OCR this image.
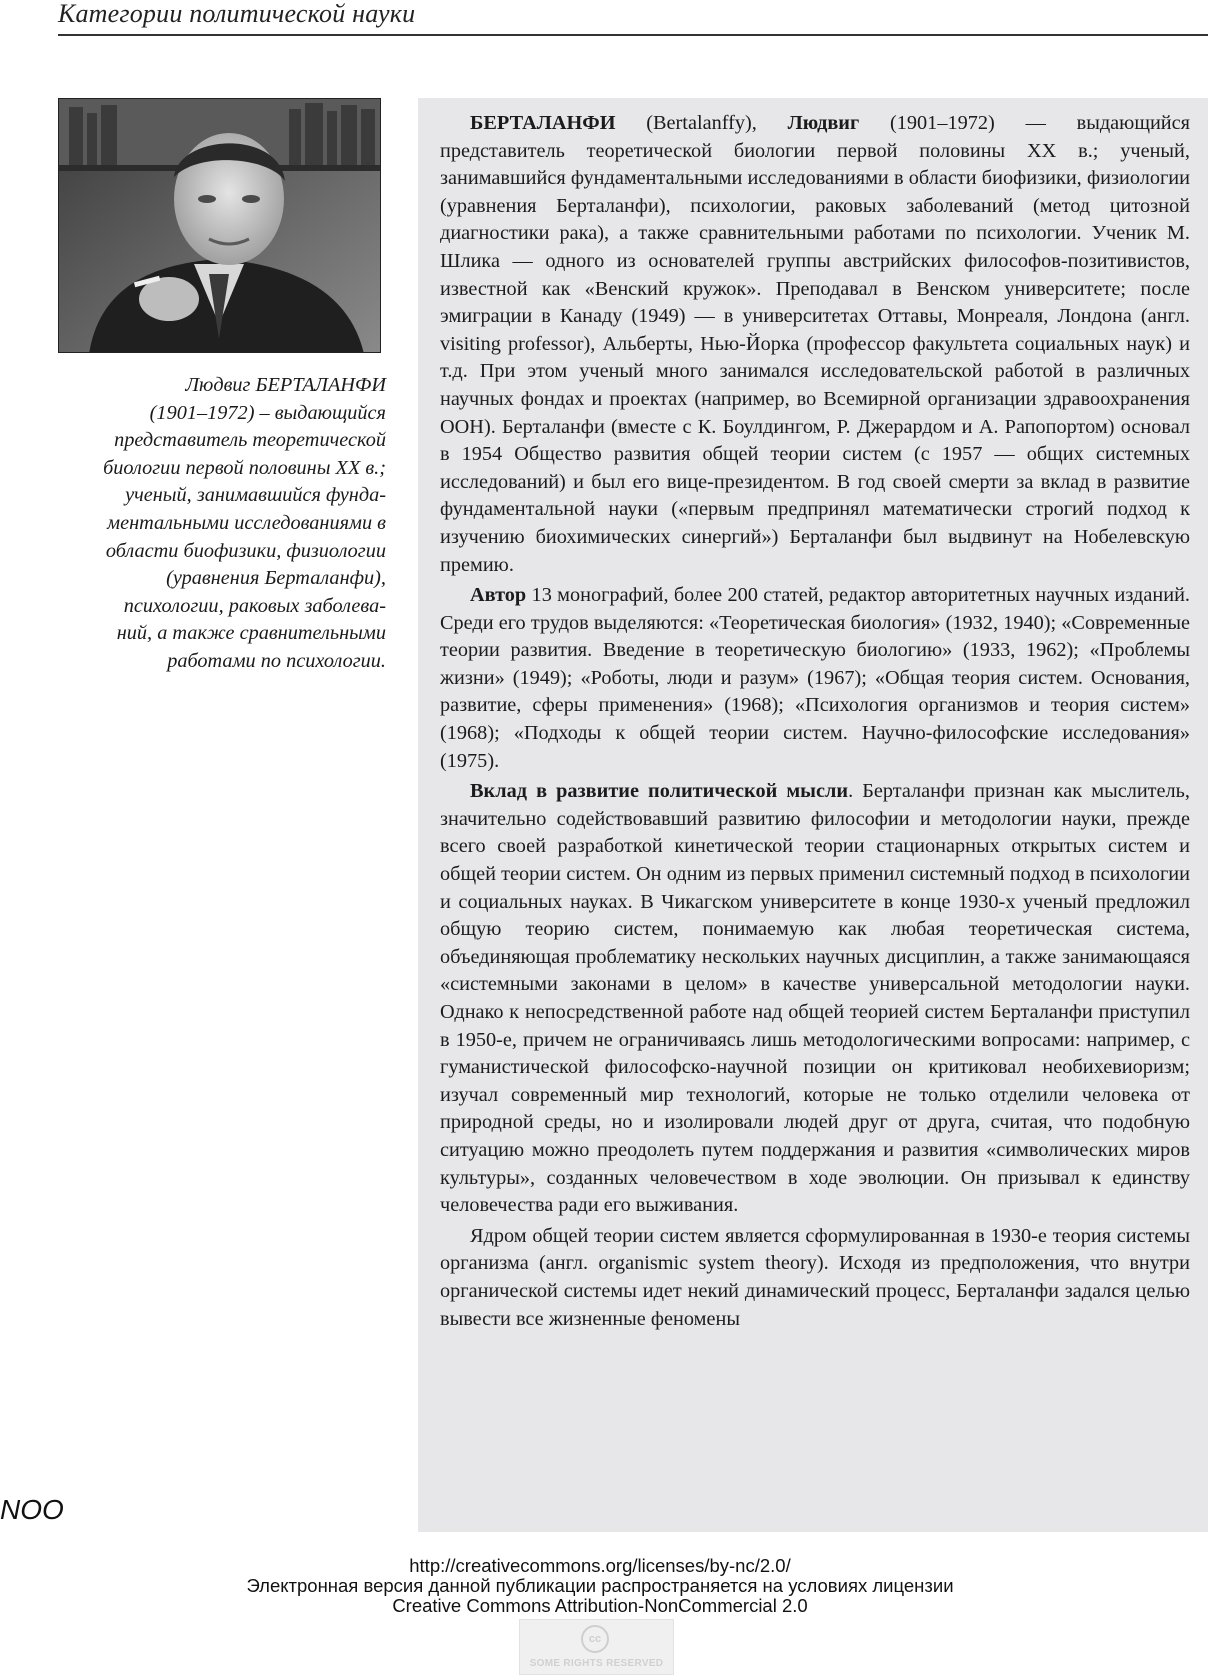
Категории политической науки
Людвиг БЕРТАЛАНФИ
(1901–1972) – выдающийся
представитель теоретической
биологии первой половины XX в.;
ученый, занимавшийся фунда-
ментальными исследованиями в
области биофизики, физиологии
(уравнения Берталанфи),
психологии, раковых заболева-
ний, а также сравнительными
работами по психологии.

БЕРТАЛАНФИ (Bertalanffy), Людвиг (1901–1972) — выдающийся представитель теоретической биологии первой половины XX в.; ученый, занимавшийся фундаментальными исследованиями в области биофизики, физиологии (уравнения Берталанфи), психологии, раковых заболеваний (метод цитозной диагностики рака), а также сравнительными работами по психологии. Ученик М. Шлика — одного из основателей группы австрийских философов-позитивистов, известной как «Венский кружок». Преподавал в Венском университете; после эмиграции в Канаду (1949) — в университетах Оттавы, Монреаля, Лондона (англ. visiting professor), Альберты, Нью-Йорка (профессор факультета социальных наук) и т.д. При этом ученый много занимался исследовательской работой в различных научных фондах и проектах (например, во Всемирной организации здравоохранения ООН). Берталанфи (вместе с К. Боулдингом, Р. Джерардом и А. Рапопортом) основал в 1954 Общество развития общей теории систем (с 1957 — общих системных исследований) и был его вице-президентом. В год своей смерти за вклад в развитие фундаментальной науки («первым предпринял математически строгий подход к изучению биохимических синергий») Берталанфи был выдвинут на Нобелевскую премию.

Автор 13 монографий, более 200 статей, редактор авторитетных научных изданий. Среди его трудов выделяются: «Теоретическая биология» (1932, 1940); «Современные теории развития. Введение в теоретическую биологию» (1933, 1962); «Проблемы жизни» (1949); «Роботы, люди и разум» (1967); «Общая теория систем. Основания, развитие, сферы применения» (1968); «Психология организмов и теория систем» (1968); «Подходы к общей теории систем. Научно-философские исследования» (1975).

Вклад в развитие политической мысли. Берталанфи признан как мыслитель, значительно содействовавший развитию философии и методологии науки, прежде всего своей разработкой кинетической теории стационарных открытых систем и общей теории систем. Он одним из первых применил системный подход в психологии и социальных науках. В Чикагском университете в конце 1930-х ученый предложил общую теорию систем, понимаемую как любая теоретическая система, объединяющая проблематику нескольких научных дисциплин, а также занимающаяся «системными законами в целом» в качестве универсальной методологии науки. Однако к непосредственной работе над общей теорией систем Берталанфи приступил в 1950-е, причем не ограничиваясь лишь методологическими вопросами: например, с гуманистической философско-научной позиции он критиковал необихевиоризм; изучал современный мир технологий, которые не только отделили человека от природной среды, но и изолировали людей друг от друга, считая, что подобную ситуацию можно преодолеть путем поддержания и развития «символических миров культуры», созданных человечеством в ходе эволюции. Он призывал к единству человечества ради его выживания.

Ядром общей теории систем является сформулированная в 1930-е теория системы организма (англ. organismic system theory). Исходя из предположения, что внутри органической системы идет некий динамический процесс, Берталанфи задался целью вывести все жизненные феномены

NOO
http://creativecommons.org/licenses/by-nc/2.0/
Электронная версия данной публикации распространяется на условиях лицензии
Creative Commons Attribution-NonCommercial 2.0
cc
SOME RIGHTS RESERVED
